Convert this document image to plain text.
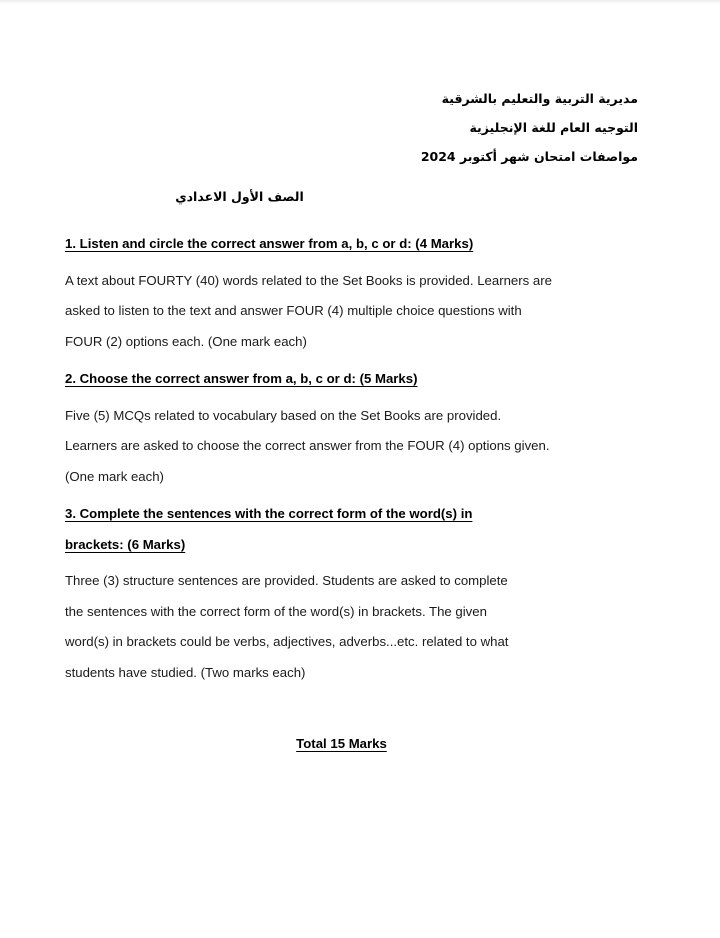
مديرية التربية والتعليم بالشرقية
التوجيه العام للغة الإنجليزية
مواصفات امتحان شهر أكتوبر 2024
الصف الأول الاعدادي
1. Listen and circle the correct answer from a, b, c or d: (4 Marks)
A text about FOURTY (40) words related to the Set Books is provided. Learners are
asked to listen to the text and answer FOUR (4) multiple choice questions with
FOUR (2) options each. (One mark each)
2. Choose the correct answer from a, b, c or d: (5 Marks)
Five (5) MCQs related to vocabulary based on the Set Books are provided.
Learners are asked to choose the correct answer from the FOUR (4) options given.
(One mark each)
3. Complete the sentences with the correct form of the word(s) in
brackets: (6 Marks)
Three (3) structure sentences are provided. Students are asked to complete
the sentences with the correct form of the word(s) in brackets. The given
word(s) in brackets could be verbs, adjectives, adverbs...etc. related to what
students have studied. (Two marks each)
Total 15 Marks
